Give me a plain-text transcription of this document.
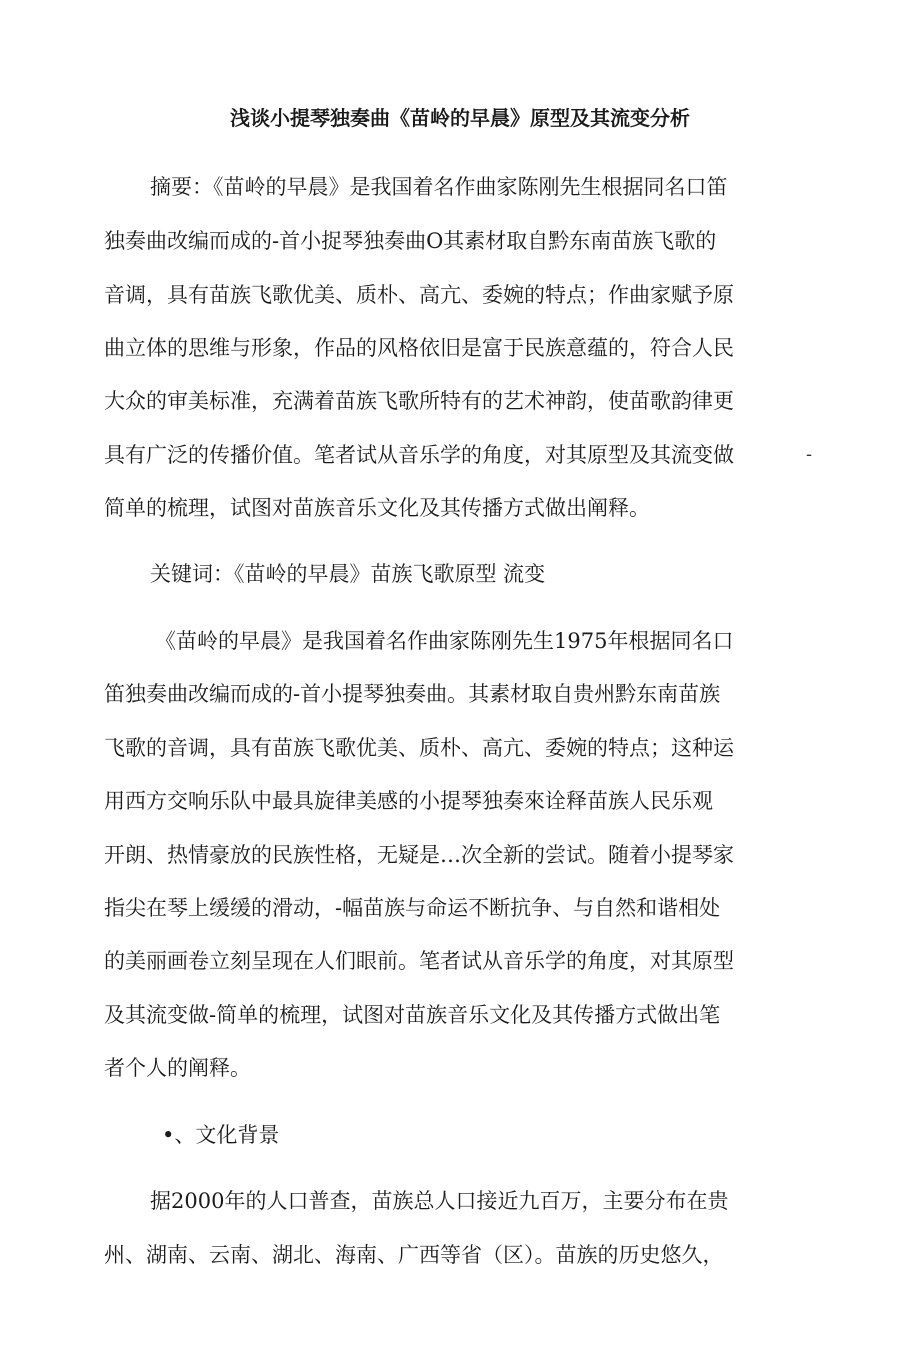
浅谈小提琴独奏曲《苗岭的早晨》原型及其流变分析
摘要：《苗岭的早晨》是我国着名作曲家陈刚先生根据同名口笛
独奏曲改编而成的-首小捉琴独奏曲O其素材取自黔东南苗族飞歌的
音调，具有苗族飞歌优美、质朴、高亢、委婉的特点；作曲家赋予原
曲立体的思维与形象，作品的风格依旧是富于民族意蕴的，符合人民
大众的审美标准，充满着苗族飞歌所特有的艺术神韵，使苗歌韵律更
具有广泛的传播价值。笔者试从音乐学的角度，对其原型及其流变做	-
简单的梳理，试图对苗族音乐文化及其传播方式做出阐释。
关键词：《苗岭的早晨》苗族飞歌原型 流变
《苗岭的早晨》是我国着名作曲家陈刚先生1975年根据同名口
笛独奏曲改编而成的-首小提琴独奏曲。其素材取自贵州黔东南苗族
飞歌的音调，具有苗族飞歌优美、质朴、高亢、委婉的特点；这种运
用西方交响乐队中最具旋律美感的小提琴独奏來诠释苗族人民乐观
开朗、热情豪放的民族性格，无疑是…次全新的尝试。随着小提琴家
指尖在琴上缓缓的滑动，-幅苗族与命运不断抗争、与自然和谐相处
的美丽画卷立刻呈现在人们眼前。笔者试从音乐学的角度，对其原型
及其流变做-简单的梳理，试图对苗族音乐文化及其传播方式做出笔
者个人的阐释。
•、文化背景
据2000年的人口普查，苗族总人口接近九百万，主要分布在贵
州、湖南、云南、湖北、海南、广西等省（区）。苗族的历史悠久，
